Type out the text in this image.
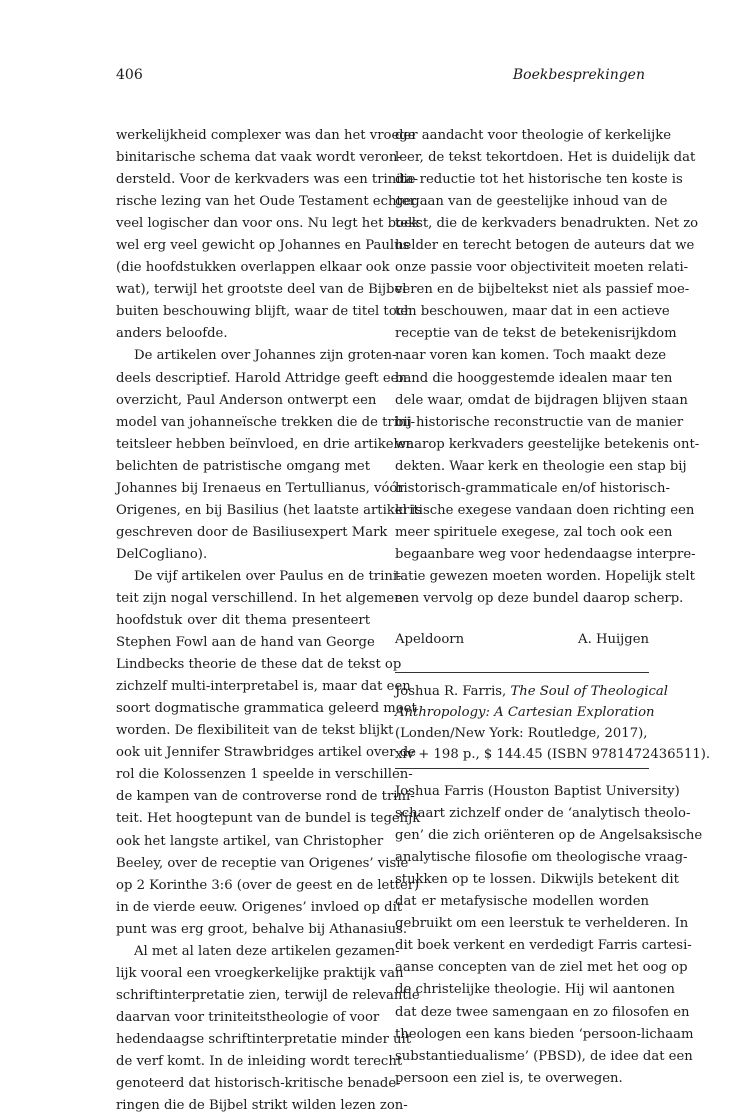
406	Boekbesprekingen
werkelijkheid complexer was dan het vroege
binitarische schema dat vaak wordt veron-
dersteld. Voor de kerkvaders was een trinita-
rische lezing van het Oude Testament echter
veel logischer dan voor ons. Nu legt het boek
wel erg veel gewicht op Johannes en Paulus
(die hoofdstukken overlappen elkaar ook
wat), terwijl het grootste deel van de Bijbel
buiten beschouwing blijft, waar de titel toch
anders beloofde.
De artikelen over Johannes zijn groten-
deels descriptief. Harold Attridge geeft een
overzicht, Paul Anderson ontwerpt een
model van johanneïsche trekken die de trini-
teitsleer hebben beïnvloed, en drie artikelen
belichten de patristische omgang met
Johannes bij Irenaeus en Tertullianus, vóór
Origenes, en bij Basilius (het laatste artikel is
geschreven door de Basiliusexpert Mark
DelCogliano).
De vijf artikelen over Paulus en de trini-
teit zijn nogal verschillend. In het algemene
hoofdstuk over dit thema presenteert
Stephen Fowl aan de hand van George
Lindbecks theorie de these dat de tekst op
zichzelf multi-interpretabel is, maar dat een
soort dogmatische grammatica geleerd moet
worden. De flexibiliteit van de tekst blijkt
ook uit Jennifer Strawbridges artikel over de
rol die Kolossenzen 1 speelde in verschillen-
de kampen van de controverse rond de trini-
teit. Het hoogtepunt van de bundel is tegelijk
ook het langste artikel, van Christopher
Beeley, over de receptie van Origenes’ visie
op 2 Korinthe 3:6 (over de geest en de letter)
in de vierde eeuw. Origenes’ invloed op dit
punt was erg groot, behalve bij Athanasius.
Al met al laten deze artikelen gezamen-
lijk vooral een vroegkerkelijke praktijk van
schriftinterpretatie zien, terwijl de relevantie
daarvan voor triniteitstheologie of voor
hedendaagse schriftinterpretatie minder uit
de verf komt. In de inleiding wordt terecht
genoteerd dat historisch-kritische benade-
ringen die de Bijbel strikt wilden lezen zon-
der aandacht voor theologie of kerkelijke
leer, de tekst tekortdoen. Het is duidelijk dat
die reductie tot het historische ten koste is
gegaan van de geestelijke inhoud van de
tekst, die de kerkvaders benadrukten. Net zo
helder en terecht betogen de auteurs dat we
onze passie voor objectiviteit moeten relati-
veren en de bijbeltekst niet als passief moe-
ten beschouwen, maar dat in een actieve
receptie van de tekst de betekenisrijkdom
naar voren kan komen. Toch maakt deze
band die hooggestemde idealen maar ten
dele waar, omdat de bijdragen blijven staan
bij historische reconstructie van de manier
waarop kerkvaders geestelijke betekenis ont-
dekten. Waar kerk en theologie een stap bij
historisch-grammaticale en/of historisch-
kritische exegese vandaan doen richting een
meer spirituele exegese, zal toch ook een
begaanbare weg voor hedendaagse interpre-
tatie gewezen moeten worden. Hopelijk stelt
een vervolg op deze bundel daarop scherp.
Apeldoorn	A. Huijgen
Joshua R. Farris, The Soul of Theological
Anthropology: A Cartesian Exploration
(Londen/New York: Routledge, 2017),
xiv + 198 p., $ 144.45 (ISBN 9781472436511).
Joshua Farris (Houston Baptist University)
schaart zichzelf onder de ‘analytisch theolo-
gen’ die zich oriënteren op de Angelsaksische
analytische filosofie om theologische vraag-
stukken op te lossen. Dikwijls betekent dit
dat er metafysische modellen worden
gebruikt om een leerstuk te verhelderen. In
dit boek verkent en verdedigt Farris cartesi-
aanse concepten van de ziel met het oog op
de christelijke theologie. Hij wil aantonen
dat deze twee samengaan en zo filosofen en
theologen een kans bieden ‘persoon-lichaam
substantiedualisme’ (PBSD), de idee dat een
persoon een ziel is, te overwegen.
